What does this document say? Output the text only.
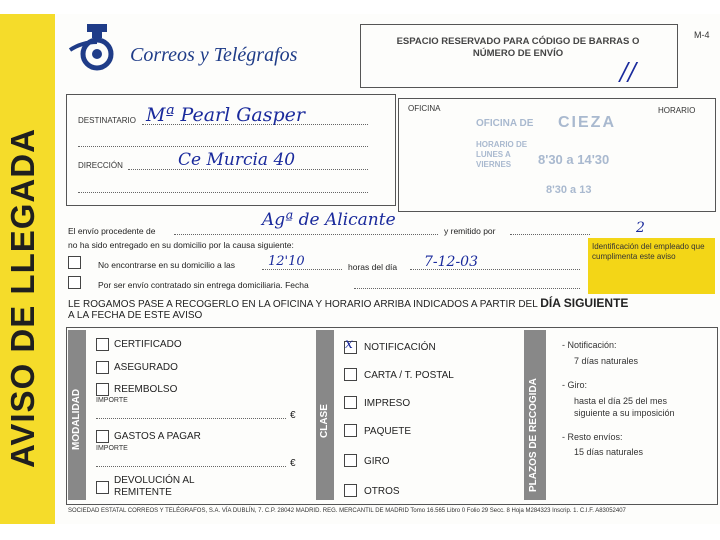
AVISO DE LLEGADA
Correos y Telégrafos
ESPACIO RESERVADO PARA CÓDIGO DE BARRAS O NÚMERO DE ENVÍO
//
M-4
DESTINATARIO Mª Pearl Gasper
DIRECCIÓN	Ce Murcia 40
OFICINA	HORARIO
OFICINA DE CIEZA
HORARIO DE LUNES A VIERNES	8'30 a 14'30
8'30 a 13
El envío procedente de
Agª de Alicante
y remitido por
no ha sido entregado en su domicilio por la causa siguiente:
No encontrarse en su domicilio a las	12'10	horas del día 7-12-03
Por ser envío contratado sin entrega domiciliaria. Fecha
2
Identificación del empleado que cumplimenta este aviso
LE ROGAMOS PASE A RECOGERLO EN LA OFICINA Y HORARIO ARRIBA INDICADOS A PARTIR DEL DÍA SIGUIENTE
A LA FECHA DE ESTE AVISO
MODALIDAD
CERTIFICADO
ASEGURADO
REEMBOLSO
IMPORTE
€
GASTOS A PAGAR
IMPORTE
€
DEVOLUCIÓN AL REMITENTE
CLASE
x NOTIFICACIÓN
CARTA / T. POSTAL
IMPRESO
PAQUETE
GIRO
OTROS	PLAZOS DE RECOGIDA
- Notificación:
7 días naturales
- Giro:
hasta el día 25 del mes siguiente a su imposición
- Resto envíos:
15 días naturales
SOCIEDAD ESTATAL CORREOS Y TELÉGRAFOS, S.A. VÍA DUBLÍN, 7. C.P. 28042 MADRID. REG. MERCANTIL DE MADRID Tomo 16.565 Libro 0 Folio 29 Secc. 8 Hoja M284323 Inscrip. 1. C.I.F. A83052407
